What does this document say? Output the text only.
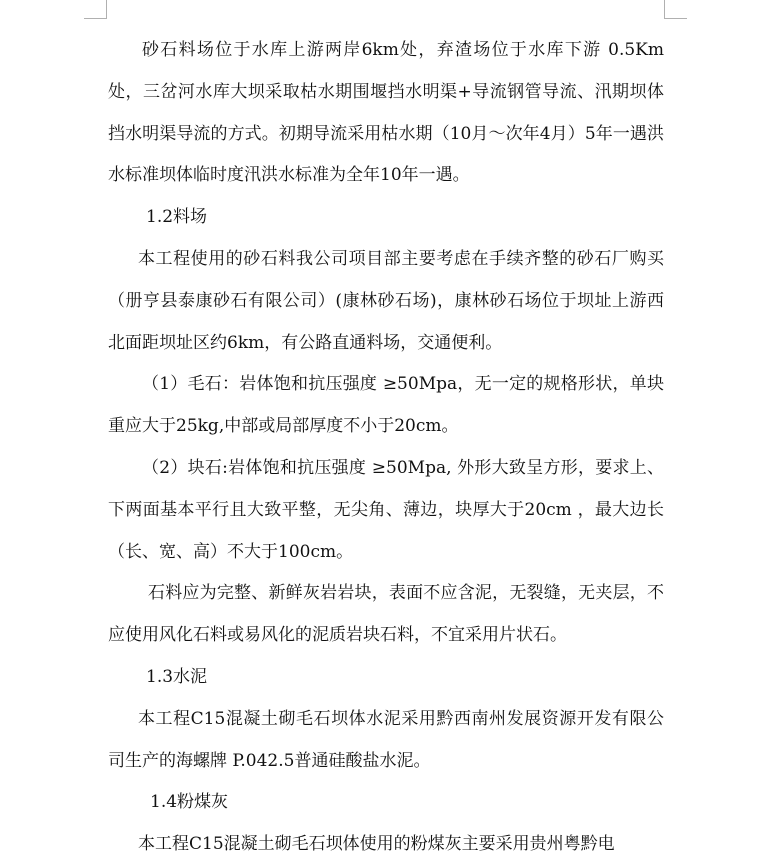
砂石料场位于水库上游两岸6km处，弃渣场位于水库下游 0.5Km处，三岔河水库大坝采取枯水期围堰挡水明渠+导流钢管导流、汛期坝体挡水明渠导流的方式。初期导流采用枯水期（10月～次年4月）5年一遇洪水标准坝体临时度汛洪水标准为全年10年一遇。

1.2料场

本工程使用的砂石料我公司项目部主要考虑在手续齐整的砂石厂购买（册亨县泰康砂石有限公司）(康林砂石场)，康林砂石场位于坝址上游西北面距坝址区约6km，有公路直通料场，交通便利。

（1）毛石：岩体饱和抗压强度 ≥50Mpa，无一定的规格形状，单块重应大于25kg,中部或局部厚度不小于20cm。

（2）块石:岩体饱和抗压强度 ≥50Mpa, 外形大致呈方形，要求上、下两面基本平行且大致平整，无尖角、薄边，块厚大于20cm ，最大边长（长、宽、高）不大于100cm。

石料应为完整、新鲜灰岩岩块，表面不应含泥，无裂缝，无夹层，不应使用风化石料或易风化的泥质岩块石料，不宜采用片状石。

1.3水泥

本工程C15混凝土砌毛石坝体水泥采用黔西南州发展资源开发有限公司生产的海螺牌 P.042.5普通硅酸盐水泥。

1.4粉煤灰

本工程C15混凝土砌毛石坝体使用的粉煤灰主要采用贵州粤黔电
